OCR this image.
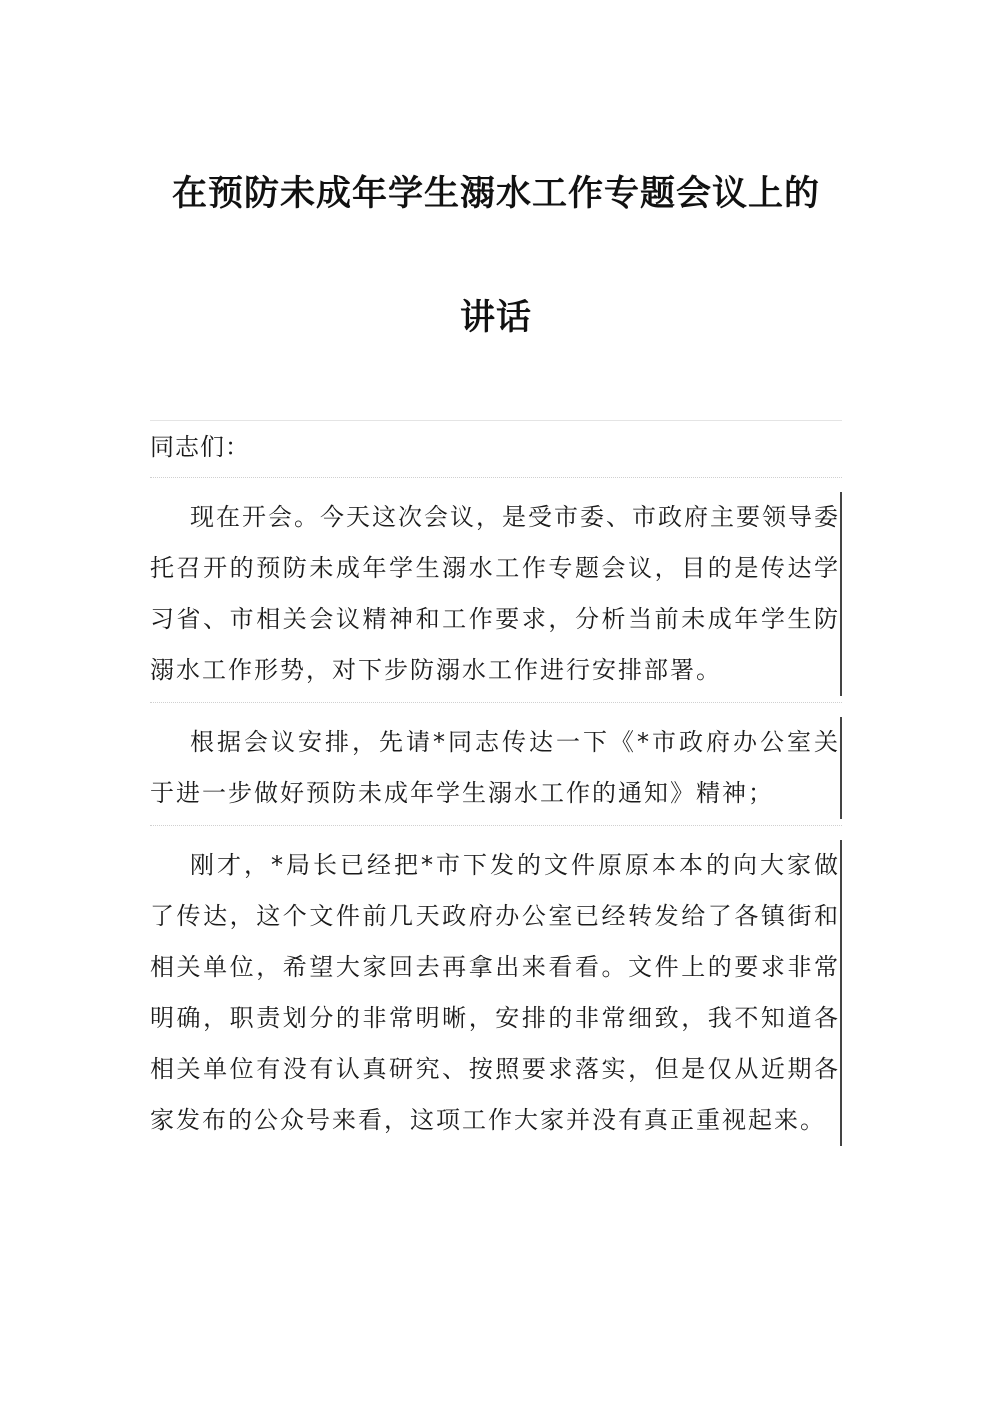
在预防未成年学生溺水工作专题会议上的
讲话
同志们：
现在开会。今天这次会议，是受市委、市政府主要领导委托召开的预防未成年学生溺水工作专题会议，目的是传达学习省、市相关会议精神和工作要求，分析当前未成年学生防溺水工作形势，对下步防溺水工作进行安排部署。
根据会议安排，先请*同志传达一下《*市政府办公室关于进一步做好预防未成年学生溺水工作的通知》精神；
刚才，*局长已经把*市下发的文件原原本本的向大家做了传达，这个文件前几天政府办公室已经转发给了各镇街和相关单位，希望大家回去再拿出来看看。文件上的要求非常明确，职责划分的非常明晰，安排的非常细致，我不知道各相关单位有没有认真研究、按照要求落实，但是仅从近期各家发布的公众号来看，这项工作大家并没有真正重视起来。
